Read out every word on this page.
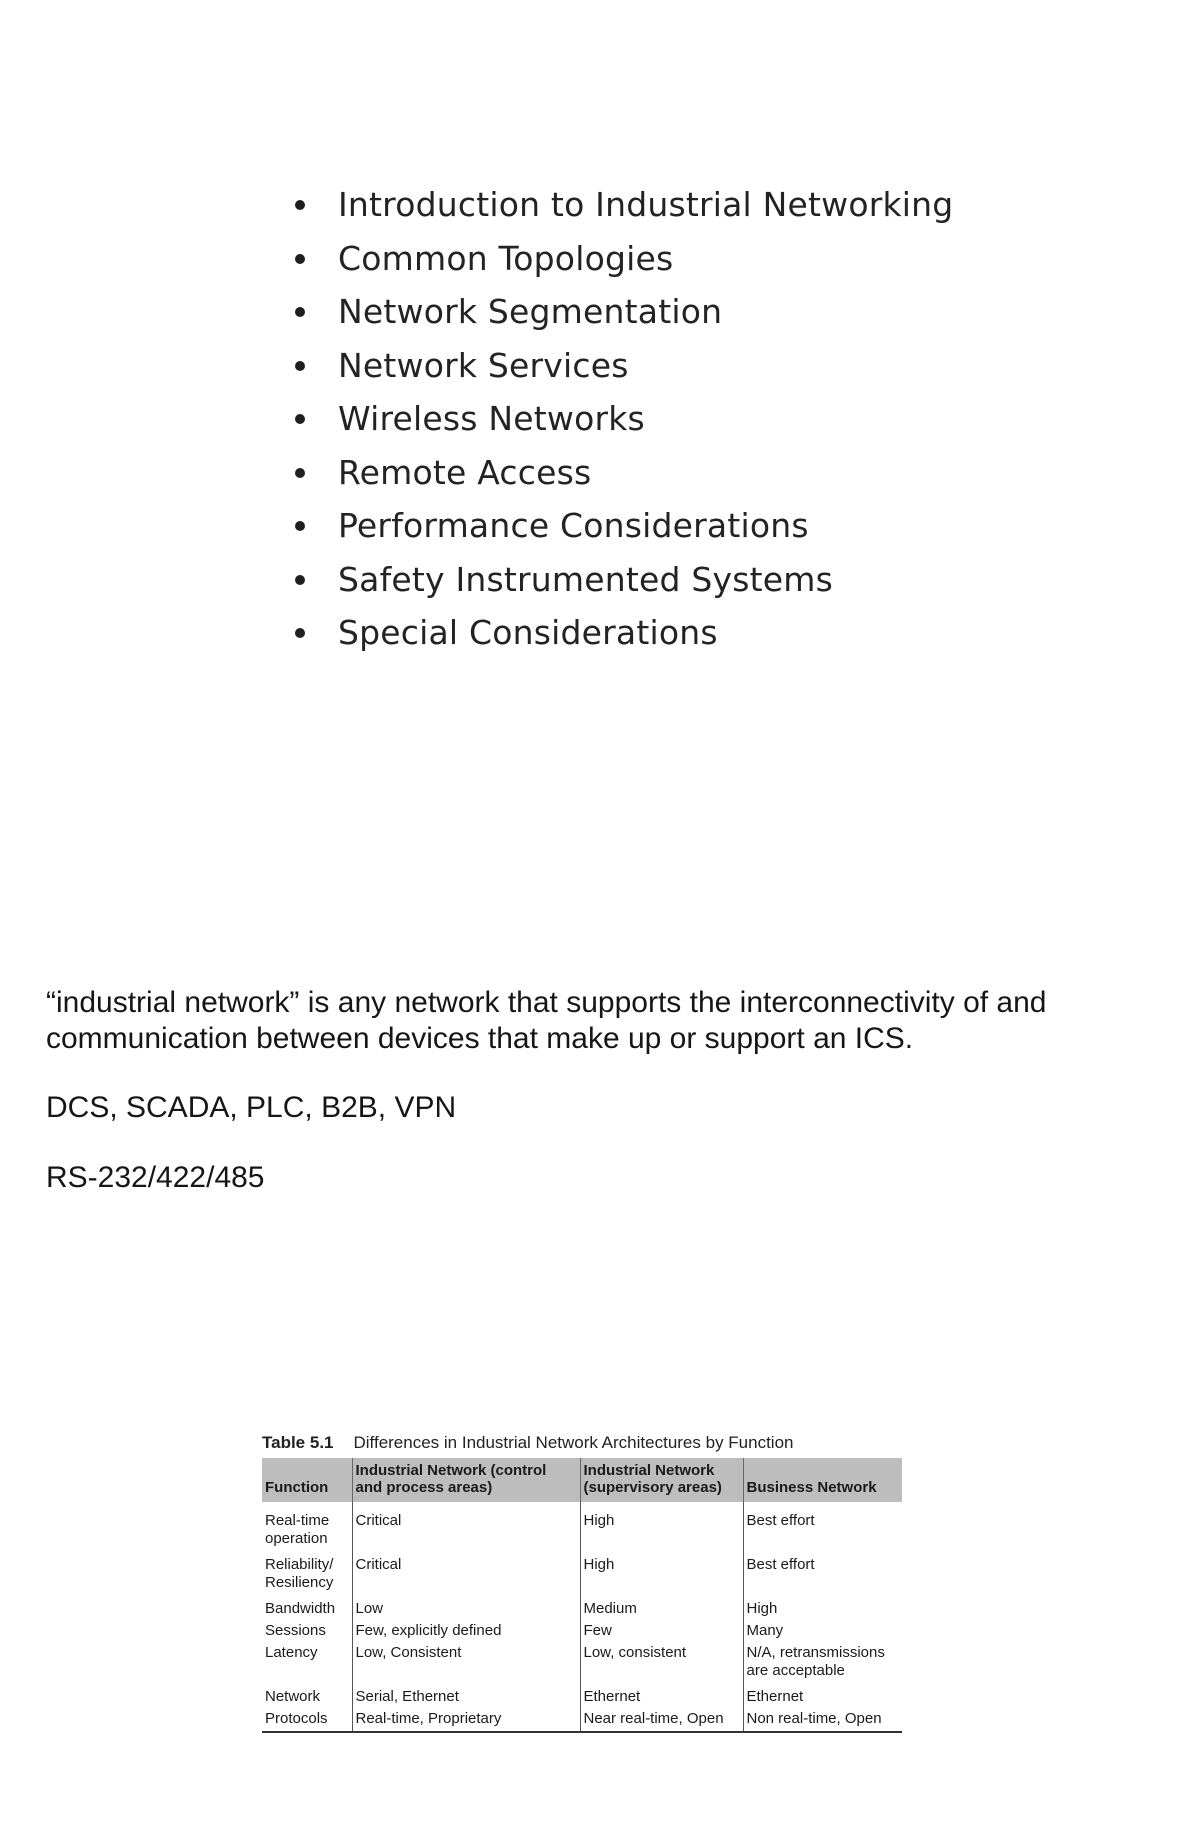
Introduction to Industrial Networking
Common Topologies
Network Segmentation
Network Services
Wireless Networks
Remote Access
Performance Considerations
Safety Instrumented Systems
Special Considerations

“industrial network” is any network that supports the interconnectivity of and communication between devices that make up or support an ICS.

DCS, SCADA, PLC, B2B, VPN

RS-232/422/485

Table 5.1 Differences in Industrial Network Architectures by Function
Function	Industrial Network (control and process areas)	Industrial Network (supervisory areas)	Business Network
Real-time operation	Critical	High	Best effort
Reliability/ Resiliency	Critical	High	Best effort
Bandwidth	Low	Medium	High
Sessions	Few, explicitly defined	Few	Many
Latency	Low, Consistent	Low, consistent	N/A, retransmissions are acceptable
Network	Serial, Ethernet	Ethernet	Ethernet
Protocols	Real-time, Proprietary	Near real-time, Open	Non real-time, Open
